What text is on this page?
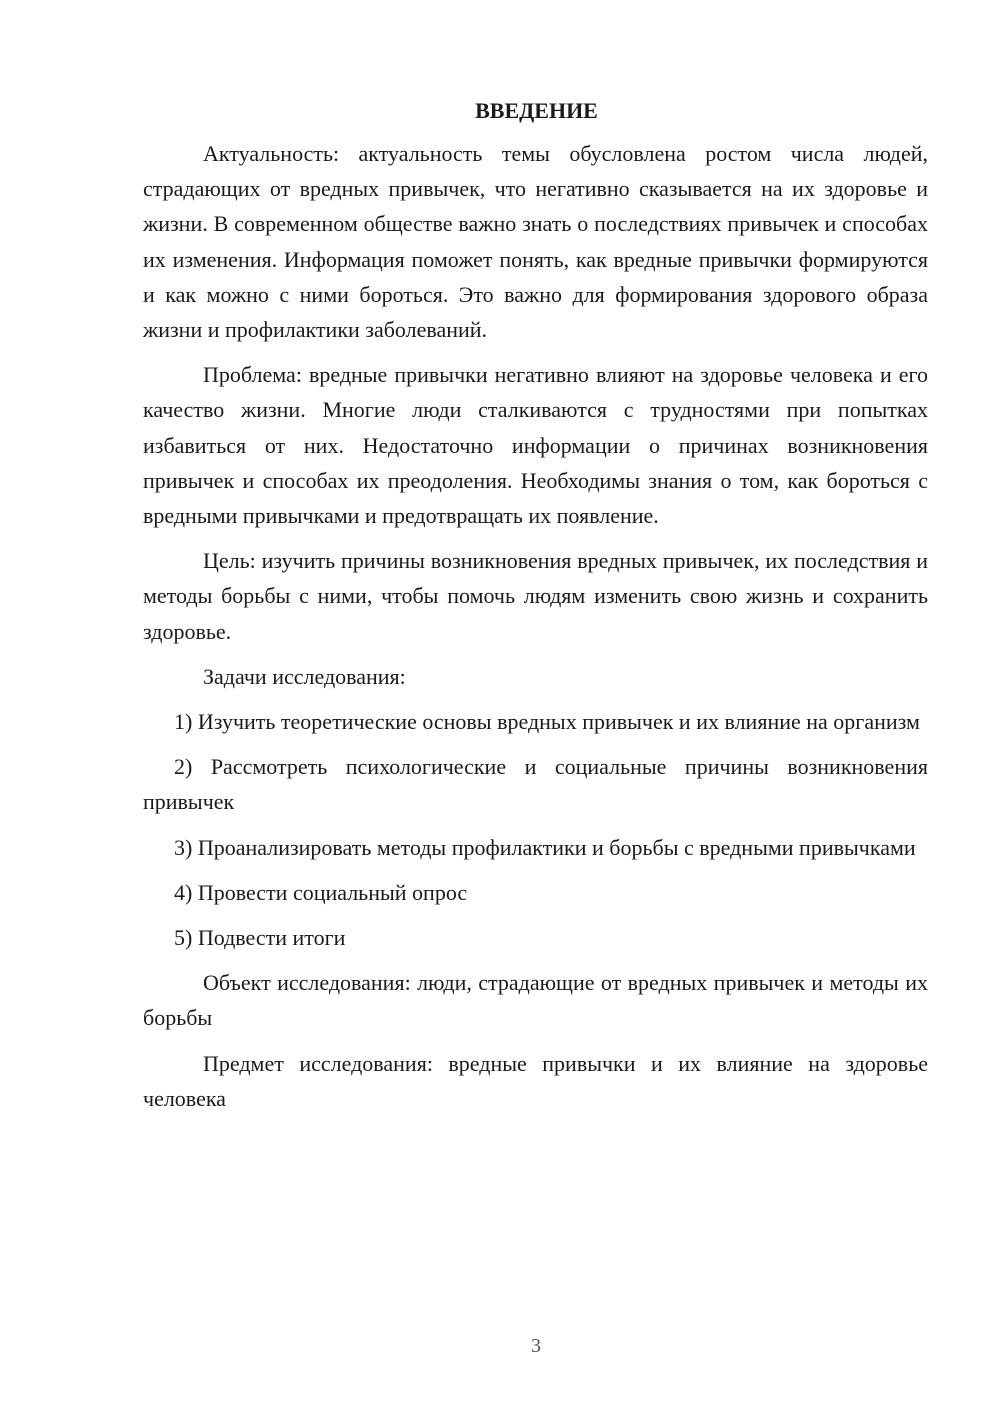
ВВЕДЕНИЕ

Актуальность: актуальность темы обусловлена ростом числа людей, страдающих от вредных привычек, что негативно сказывается на их здоровье и жизни. В современном обществе важно знать о последствиях привычек и способах их изменения. Информация поможет понять, как вредные привычки формируются и как можно с ними бороться. Это важно для формирования здорового образа жизни и профилактики заболеваний.

Проблема: вредные привычки негативно влияют на здоровье человека и его качество жизни. Многие люди сталкиваются с трудностями при попытках избавиться от них. Недостаточно информации о причинах возникновения привычек и способах их преодоления. Необходимы знания о том, как бороться с вредными привычками и предотвращать их появление.

Цель: изучить причины возникновения вредных привычек, их последствия и методы борьбы с ними, чтобы помочь людям изменить свою жизнь и сохранить здоровье.

Задачи исследования:

1) Изучить теоретические основы вредных привычек и их влияние на организм

2) Рассмотреть психологические и социальные причины возникновения привычек

3) Проанализировать методы профилактики и борьбы с вредными привычками

4) Провести социальный опрос

5) Подвести итоги

Объект исследования: люди, страдающие от вредных привычек и методы их борьбы

Предмет исследования: вредные привычки и их влияние на здоровье человека

3
